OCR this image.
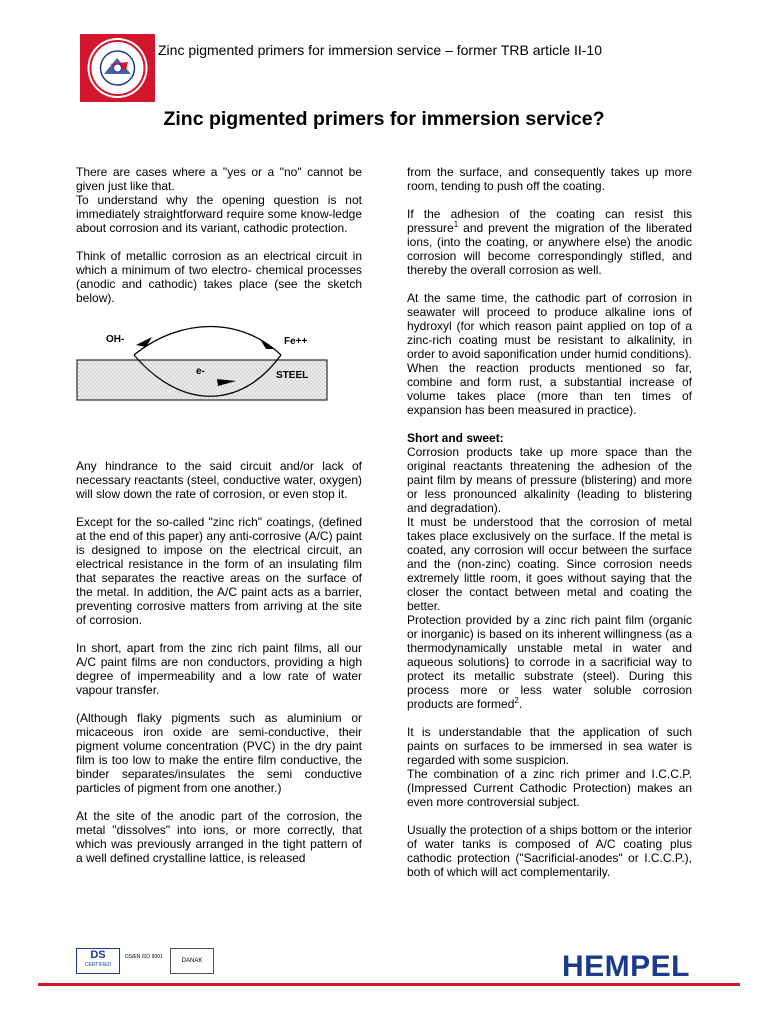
Zinc pigmented primers for immersion service – former TRB article II-10
Zinc pigmented primers for immersion service?

There are cases where a "yes or a "no" cannot be given just like that.

To understand why the opening question is not immediately straightforward require some know-ledge about corrosion and its variant, cathodic protection.

Think of metallic corrosion as an electrical circuit in which a minimum of two electro- chemical processes (anodic and cathodic) takes place (see the sketch below).

OH-	Fe++
e-	STEEL

Any hindrance to the said circuit and/or lack of necessary reactants (steel, conductive water, oxygen) will slow down the rate of corrosion, or even stop it.

Except for the so-called "zinc rich" coatings, (defined at the end of this paper) any anti-corrosive (A/C) paint is designed to impose on the electrical circuit, an electrical resistance in the form of an insulating film that separates the reactive areas on the surface of the metal. In addition, the A/C paint acts as a barrier, preventing corrosive matters from arriving at the site of corrosion.

In short, apart from the zinc rich paint films, all our A/C paint films are non conductors, providing a high degree of impermeability and a low rate of water vapour transfer.

(Although flaky pigments such as aluminium or micaceous iron oxide are semi-conductive, their pigment volume concentration (PVC) in the dry paint film is too low to make the entire film conductive, the binder separates/insulates the semi conductive particles of pigment from one another.)

At the site of the anodic part of the corrosion, the metal "dissolves" into ions, or more correctly, that which was previously arranged in the tight pattern of a well defined crystalline lattice, is released

from the surface, and consequently takes up more room, tending to push off the coating.

If the adhesion of the coating can resist this pressure$^1$ and prevent the migration of the liberated ions, (into the coating, or anywhere else) the anodic corrosion will become correspondingly stifled, and thereby the overall corrosion as well.

At the same time, the cathodic part of corrosion in seawater will proceed to produce alkaline ions of hydroxyl (for which reason paint applied on top of a zinc-rich coating must be resistant to alkalinity, in order to avoid saponification under humid conditions).

When the reaction products mentioned so far, combine and form rust, a substantial increase of volume takes place (more than ten times of expansion has been measured in practice).

Short and sweet:

Corrosion products take up more space than the original reactants threatening the adhesion of the paint film by means of pressure (blistering) and more or less pronounced alkalinity (leading to blistering and degradation).

It must be understood that the corrosion of metal takes place exclusively on the surface. If the metal is coated, any corrosion will occur between the surface and the (non-zinc) coating. Since corrosion needs extremely little room, it goes without saying that the closer the contact between metal and coating the better.

Protection provided by a zinc rich paint film (organic or inorganic) is based on its inherent willingness (as a thermodynamically unstable metal in water and aqueous solutions} to corrode in a sacrificial way to protect its metallic substrate (steel). During this process more or less water soluble corrosion products are formed$^2$.

It is understandable that the application of such paints on surfaces to be immersed in sea water is regarded with some suspicion.

The combination of a zinc rich primer and I.C.C.P. (Impressed Current Cathodic Protection) makes an even more controversial subject.

Usually the protection of a ships bottom or the interior of water tanks is composed of A/C coating plus cathodic protection ("Sacrificial-anodes" or I.C.C.P.), both of which will act complementarily.

DS
CERTIFIED
DS/EN ISO 9001
DANAK	HEMPEL
